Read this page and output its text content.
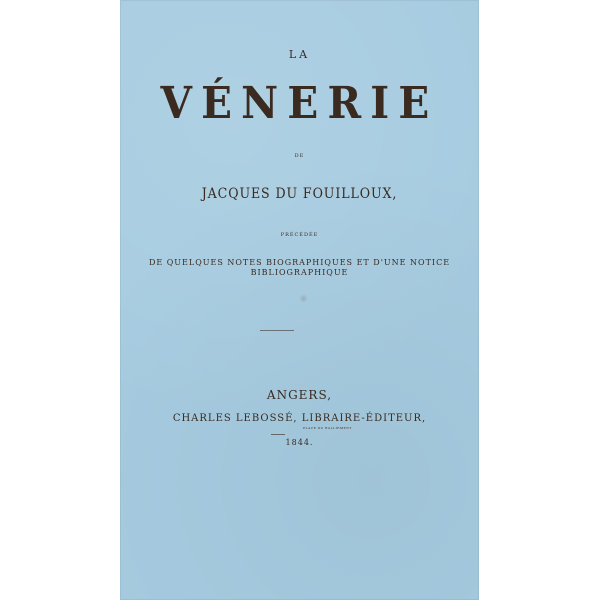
LA
VÉNERIE
DE
JACQUES DU FOUILLOUX,
PRÉCÉDÉE
DE QUELQUES NOTES BIOGRAPHIQUES ET D'UNE NOTICE
BIBLIOGRAPHIQUE
ANGERS,
CHARLES LEBOSSÉ, LIBRAIRE-ÉDITEUR,
PLACE DU RALLIEMENT
1844.
